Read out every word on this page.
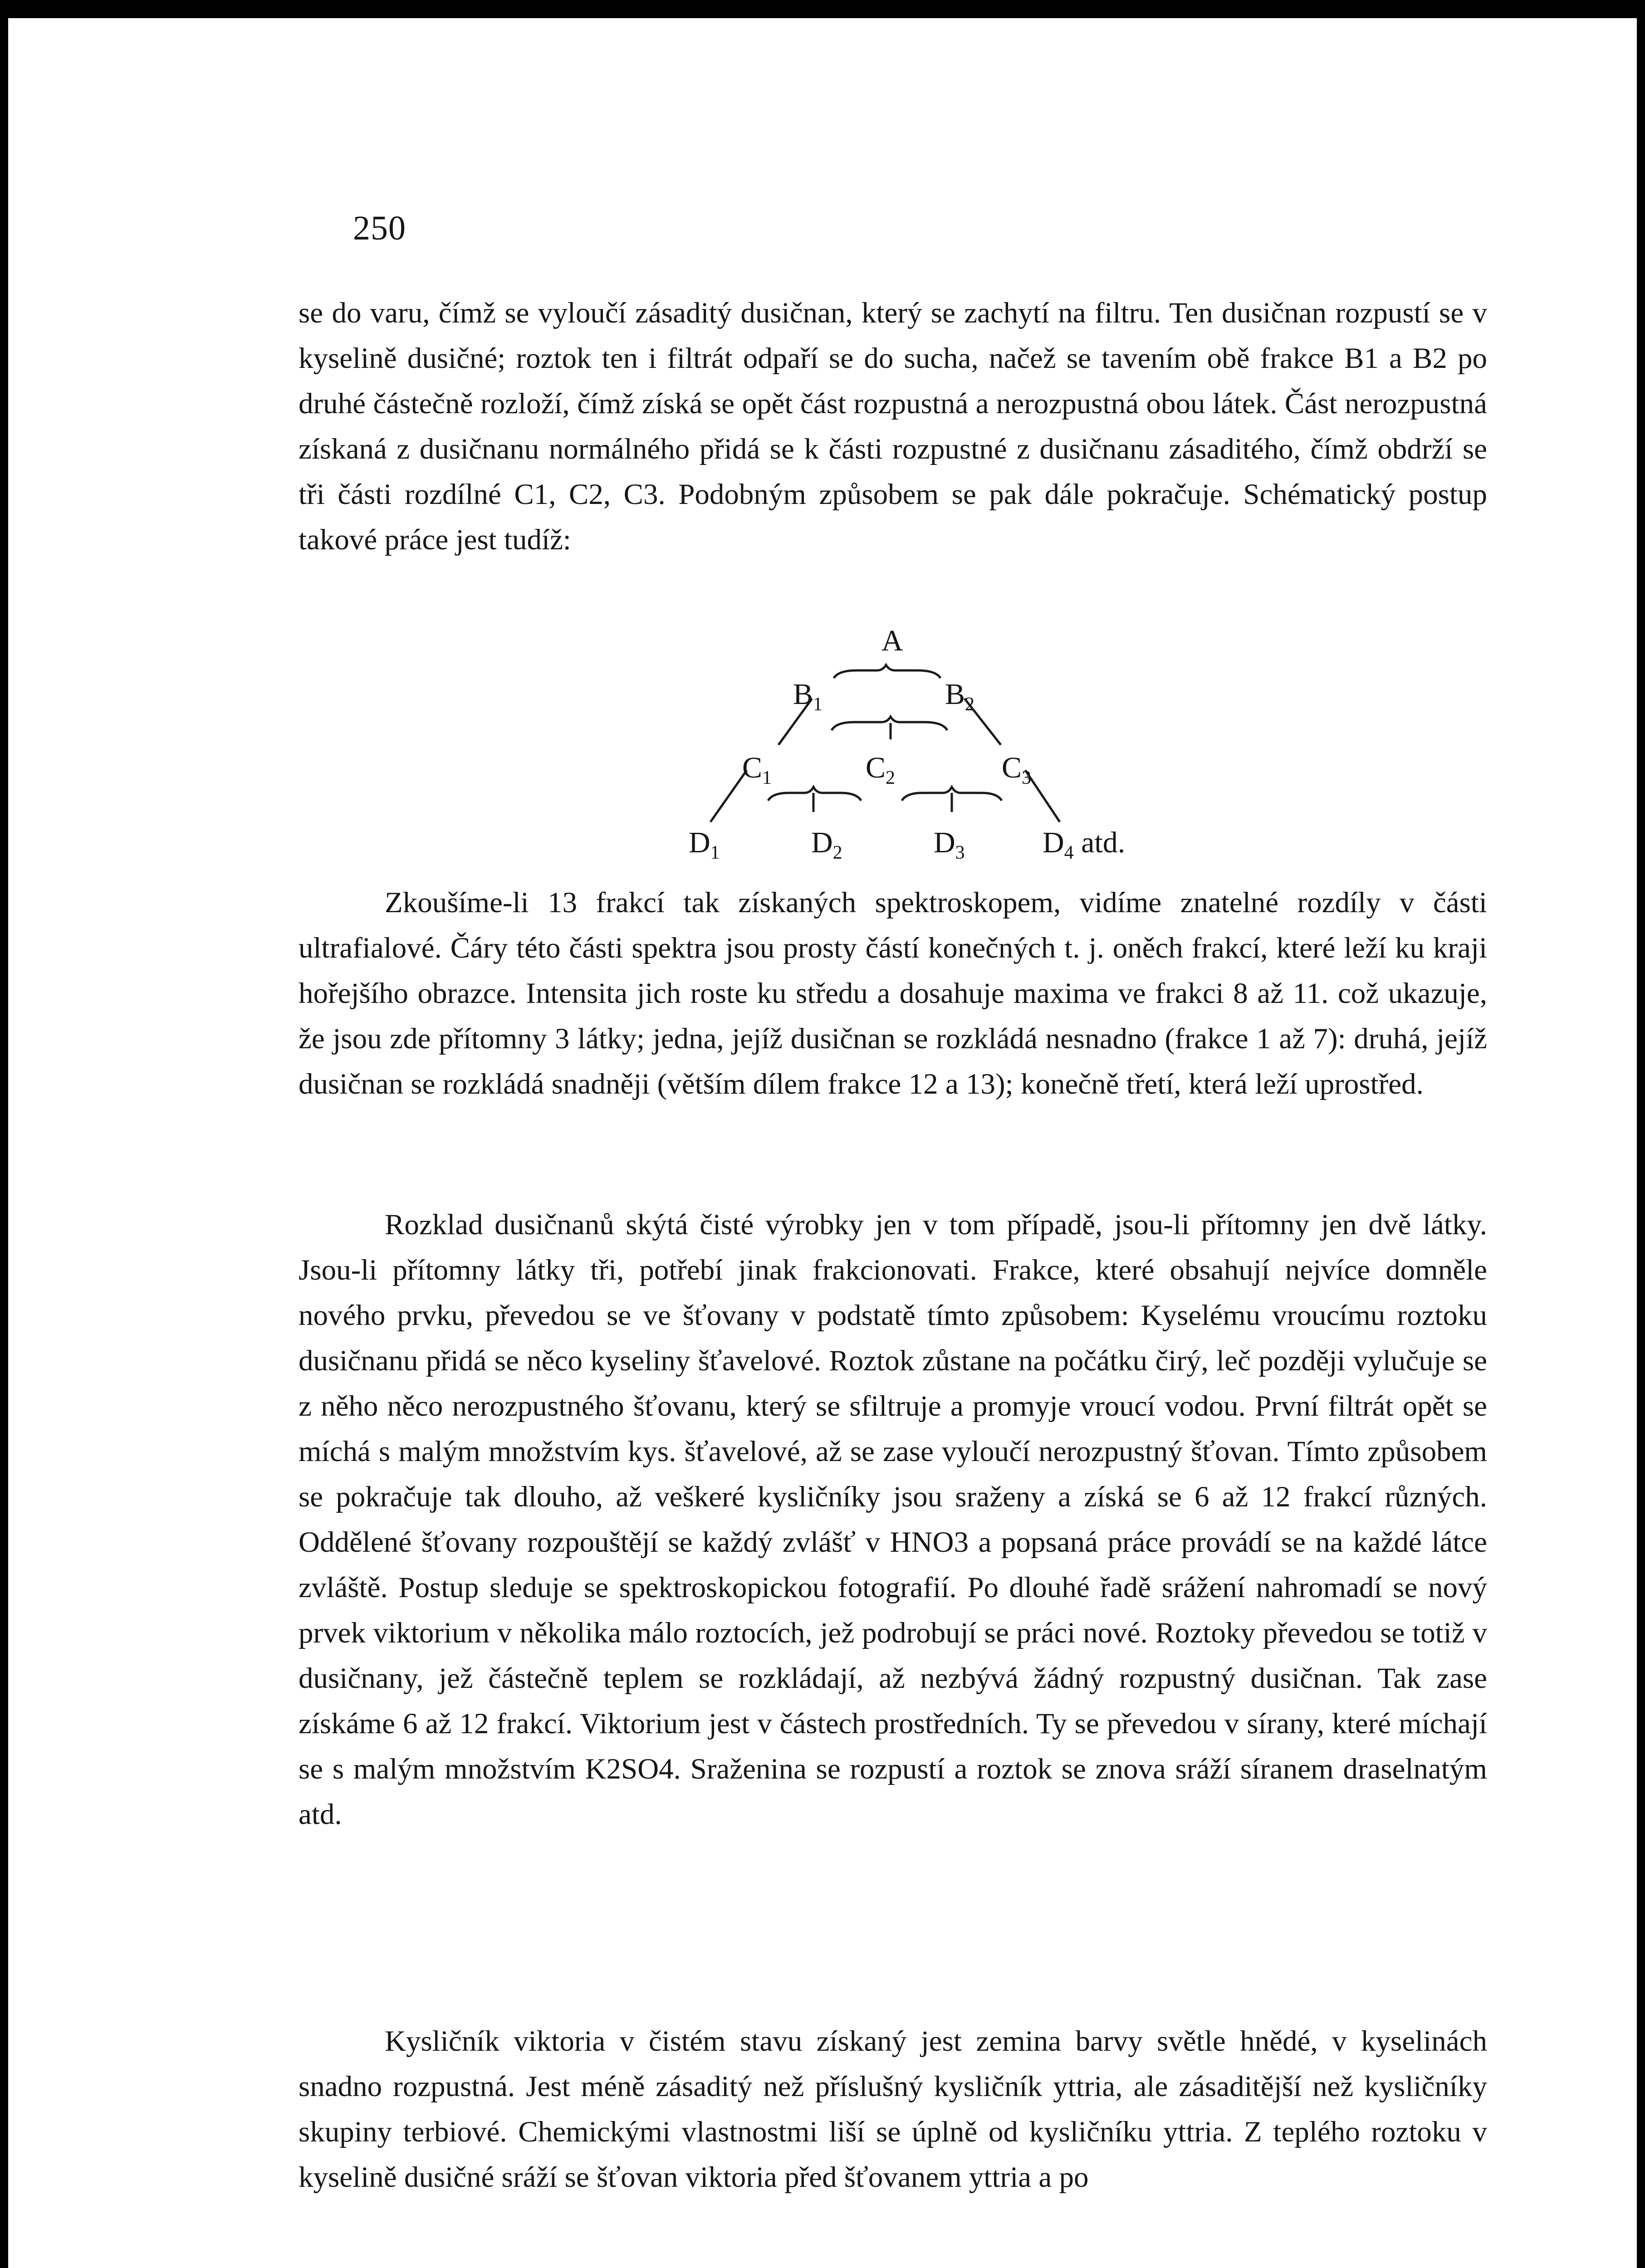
250

se do varu, čímž se vyloučí zásaditý dusičnan, který se zachytí na filtru. Ten dusičnan rozpustí se v kyselině dusičné; roztok ten i filtrát odpaří se do sucha, načež se tavením obě frakce B1 a B2 po druhé částečně rozloží, čímž získá se opět část rozpustná a nerozpustná obou látek. Část nerozpustná získaná z dusičnanu normálného přidá se k části rozpustné z dusičnanu zásaditého, čímž obdrží se tři části rozdílné C1, C2, C3. Podobným způsobem se pak dále pokračuje. Schématický postup takové práce jest tudíž:

A
$B_1$	$B_2$
$C_1$	$C_2$	$C_3$
$D_1$	$D_2$	$D_3$	$D_4$ atd.

Zkoušíme-li 13 frakcí tak získaných spektroskopem, vidíme znatelné rozdíly v části ultrafialové. Čáry této části spektra jsou prosty částí konečných t. j. oněch frakcí, které leží ku kraji hořejšího obrazce. Intensita jich roste ku středu a dosahuje maxima ve frakci 8 až 11. což ukazuje, že jsou zde přítomny 3 látky; jedna, jejíž dusičnan se rozkládá nesnadno (frakce 1 až 7): druhá, jejíž dusičnan se rozkládá snadněji (větším dílem frakce 12 a 13); konečně třetí, která leží uprostřed.

Rozklad dusičnanů skýtá čisté výrobky jen v tom případě, jsou-li přítomny jen dvě látky. Jsou-li přítomny látky tři, potřebí jinak frakcionovati. Frakce, které obsahují nejvíce domněle nového prvku, převedou se ve šťovany v podstatě tímto způsobem: Kyselému vroucímu roztoku dusičnanu přidá se něco kyseliny šťavelové. Roztok zůstane na počátku čirý, leč později vylučuje se z něho něco nerozpustného šťovanu, který se sfiltruje a promyje vroucí vodou. První filtrát opět se míchá s malým množstvím kys. šťavelové, až se zase vyloučí nerozpustný šťovan. Tímto způsobem se pokračuje tak dlouho, až veškeré kysličníky jsou sraženy a získá se 6 až 12 frakcí různých. Oddělené šťovany rozpouštějí se každý zvlášť v HNO3 a popsaná práce provádí se na každé látce zvláště. Postup sleduje se spektroskopickou fotografií. Po dlouhé řadě srážení nahromadí se nový prvek viktorium v několika málo roztocích, jež podrobují se práci nové. Roztoky převedou se totiž v dusičnany, jež částečně teplem se rozkládají, až nezbývá žádný rozpustný dusičnan. Tak zase získáme 6 až 12 frakcí. Viktorium jest v částech prostředních. Ty se převedou v sírany, které míchají se s malým množstvím K2SO4. Sraženina se rozpustí a roztok se znova sráží síranem draselnatým atd.

Kysličník viktoria v čistém stavu získaný jest zemina barvy světle hnědé, v kyselinách snadno rozpustná. Jest méně zásaditý než příslušný kysličník yttria, ale zásaditější než kysličníky skupiny terbiové. Chemickými vlastnostmi liší se úplně od kysličníku yttria. Z teplého roztoku v kyselině dusičné sráží se šťovan viktoria před šťovanem yttria a po
